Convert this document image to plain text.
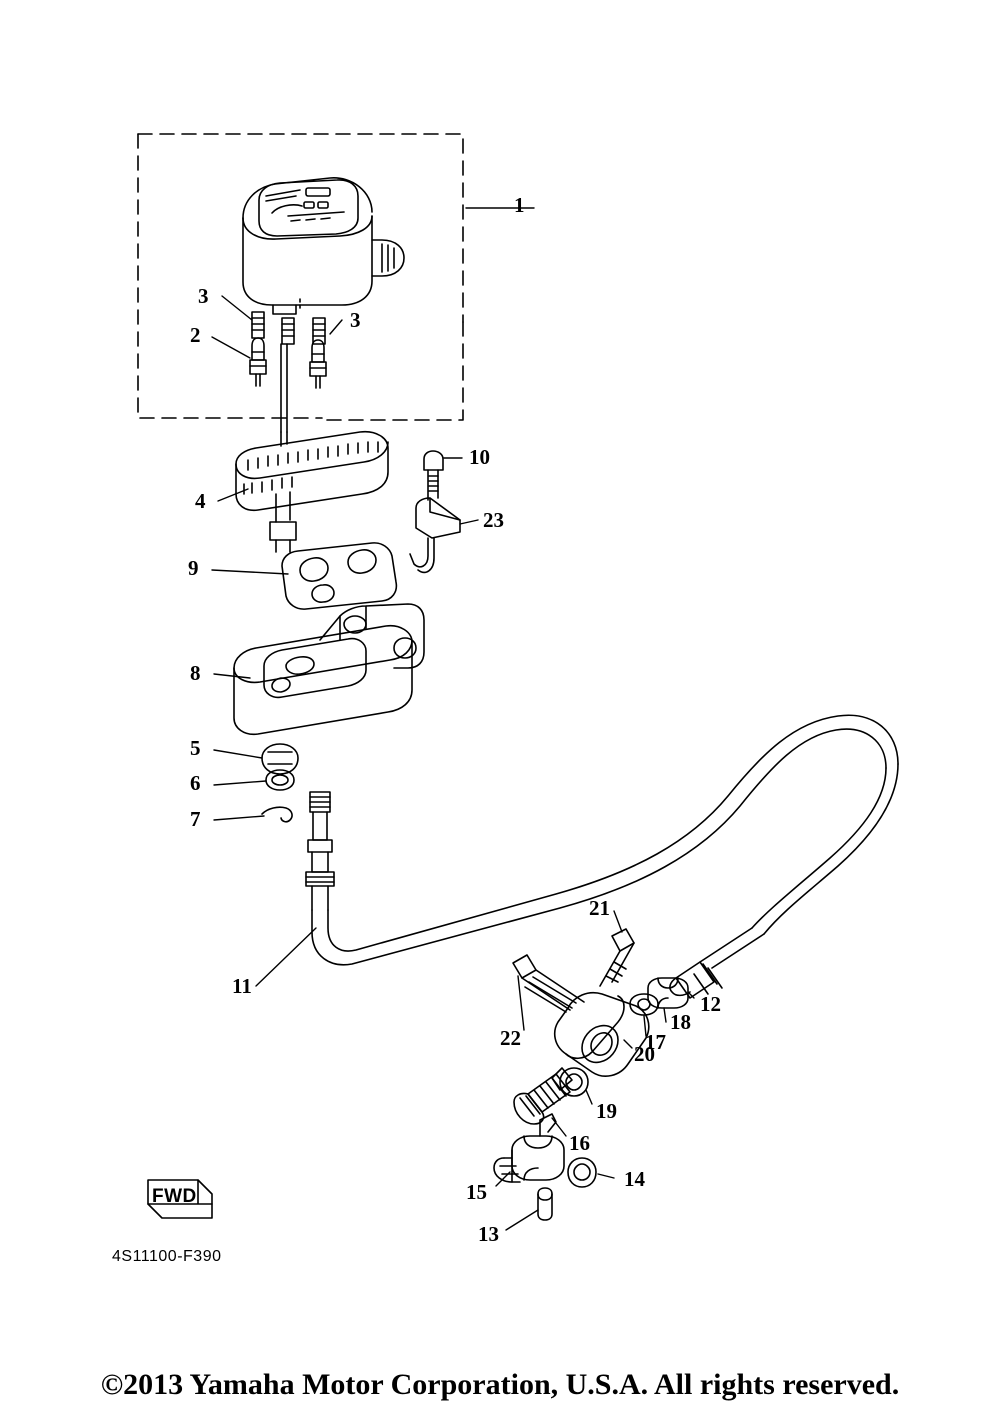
1
3
3
2
10
4
23
9
8
5
6
7
21
11
12
18
17
22
20
19
16
15
14
13
FWD
4S11100-F390
©2013 Yamaha Motor Corporation, U.S.A. All rights reserved.
